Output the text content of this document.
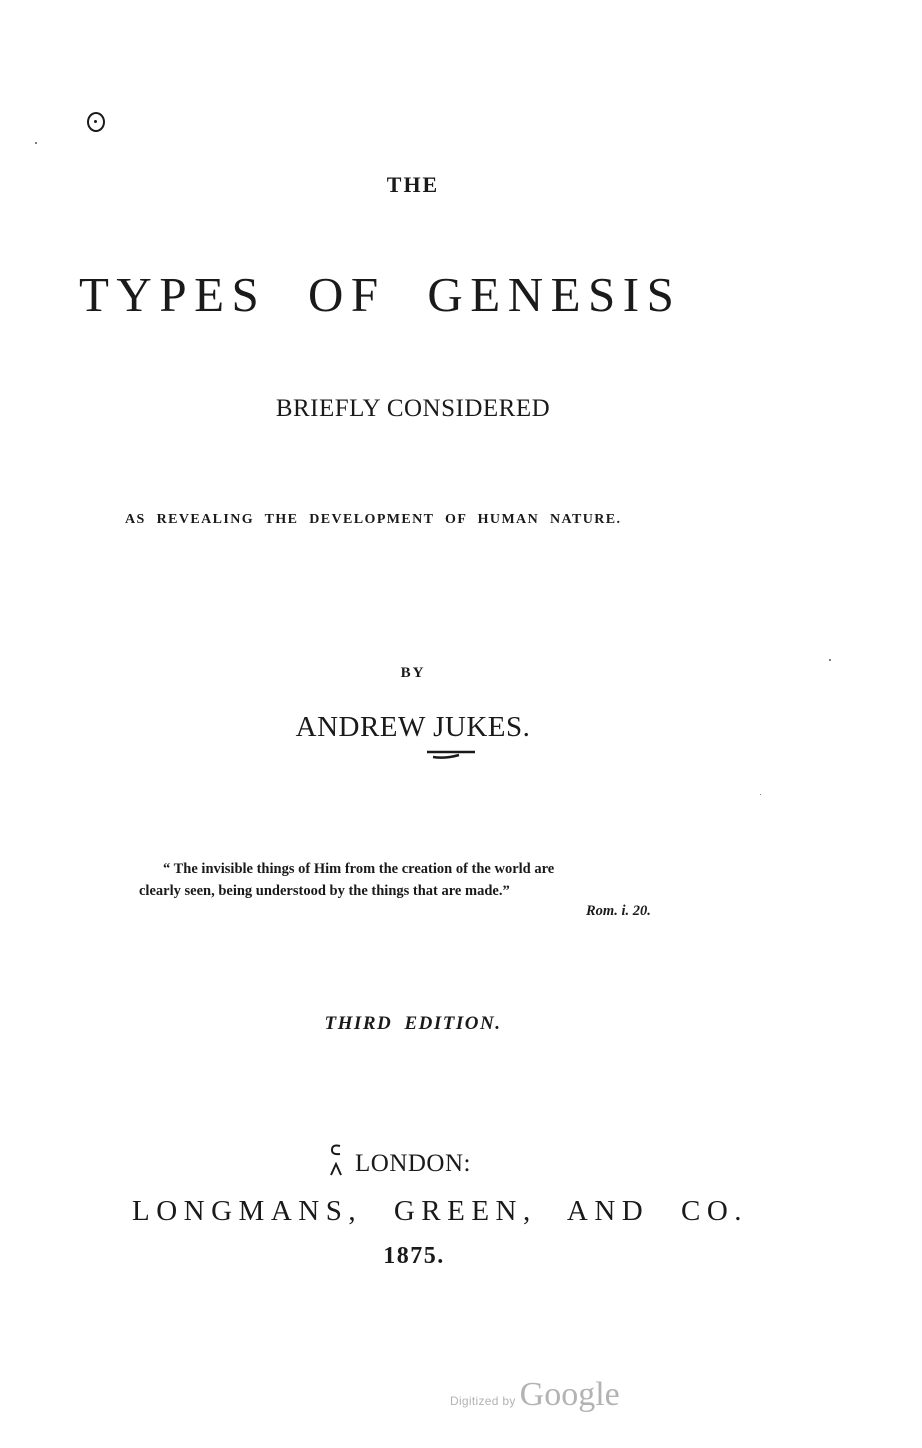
THE
TYPES OF GENESIS
BRIEFLY CONSIDERED
AS REVEALING THE DEVELOPMENT OF HUMAN NATURE.
BY
ANDREW JUKES.
“ The invisible things of Him from the creation of the world are
clearly seen, being understood by the things that are made.”
Rom. i. 20.
THIRD EDITION.
LONDON:
LONGMANS, GREEN, AND CO.
1875.
Digitized by Google
